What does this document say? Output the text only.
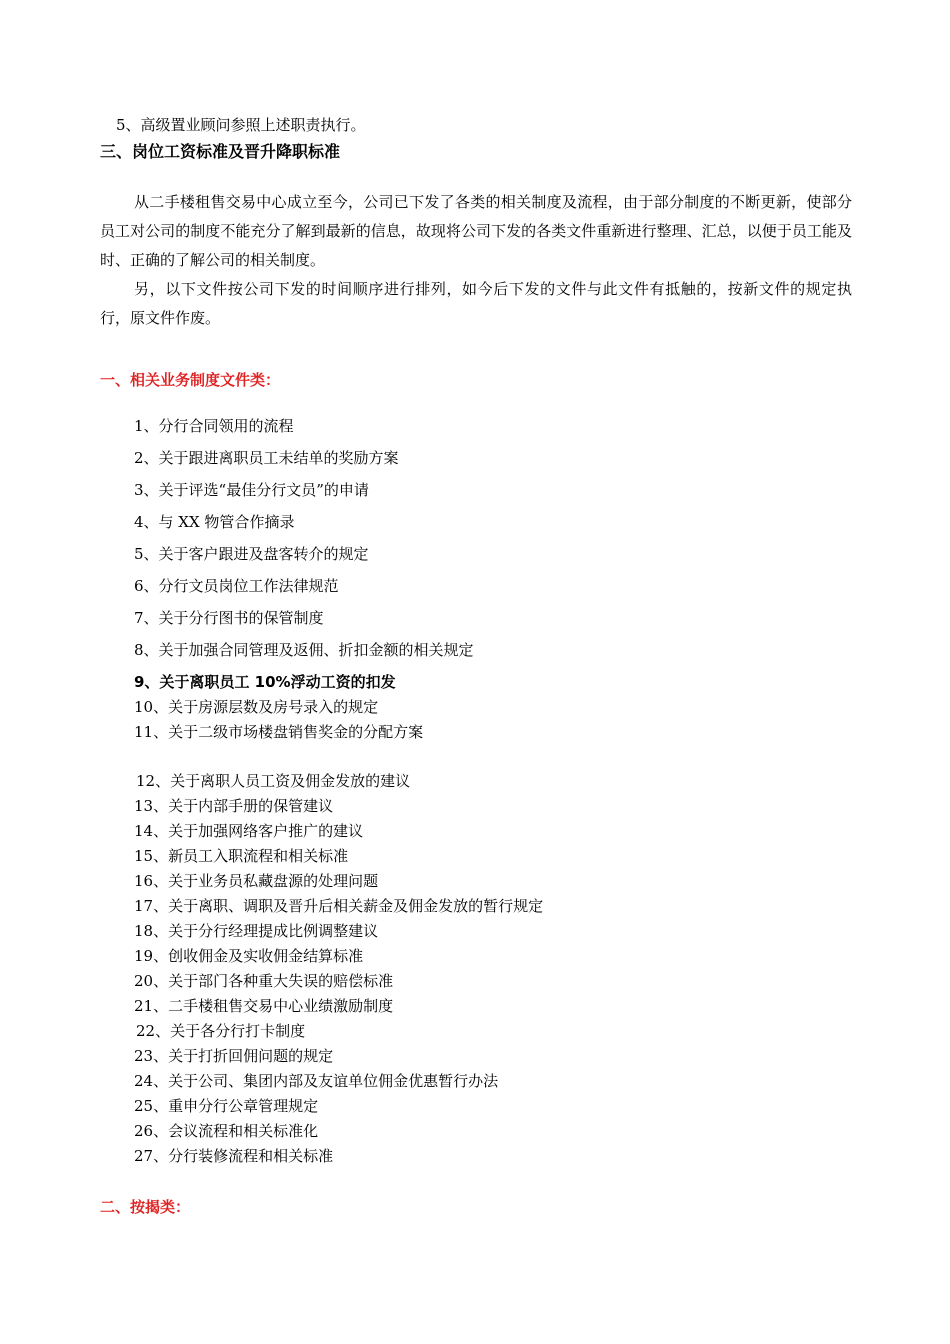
5、高级置业顾问参照上述职责执行。
三、岗位工资标准及晋升降职标准
从二手楼租售交易中心成立至今，公司已下发了各类的相关制度及流程，由于部分制度的不断更新，使部分员工对公司的制度不能充分了解到最新的信息，故现将公司下发的各类文件重新进行整理、汇总，以便于员工能及时、正确的了解公司的相关制度。
另，以下文件按公司下发的时间顺序进行排列，如今后下发的文件与此文件有抵触的，按新文件的规定执行，原文件作废。
一、相关业务制度文件类：
1、分行合同领用的流程
2、关于跟进离职员工未结单的奖励方案
3、关于评选“最佳分行文员”的申请
4、与 XX 物管合作摘录
5、关于客户跟进及盘客转介的规定
6、分行文员岗位工作法律规范
7、关于分行图书的保管制度
8、关于加强合同管理及返佣、折扣金额的相关规定
9、关于离职员工 10%浮动工资的扣发
10、关于房源层数及房号录入的规定
11、关于二级市场楼盘销售奖金的分配方案
12、关于离职人员工资及佣金发放的建议
13、关于内部手册的保管建议
14、关于加强网络客户推广的建议
15、新员工入职流程和相关标准
16、关于业务员私藏盘源的处理问题
17、关于离职、调职及晋升后相关薪金及佣金发放的暂行规定
18、关于分行经理提成比例调整建议
19、创收佣金及实收佣金结算标准
20、关于部门各种重大失误的赔偿标准
21、二手楼租售交易中心业绩激励制度
22、关于各分行打卡制度
23、关于打折回佣问题的规定
24、关于公司、集团内部及友谊单位佣金优惠暂行办法
25、重申分行公章管理规定
26、会议流程和相关标准化
27、分行装修流程和相关标准
二、按揭类：
